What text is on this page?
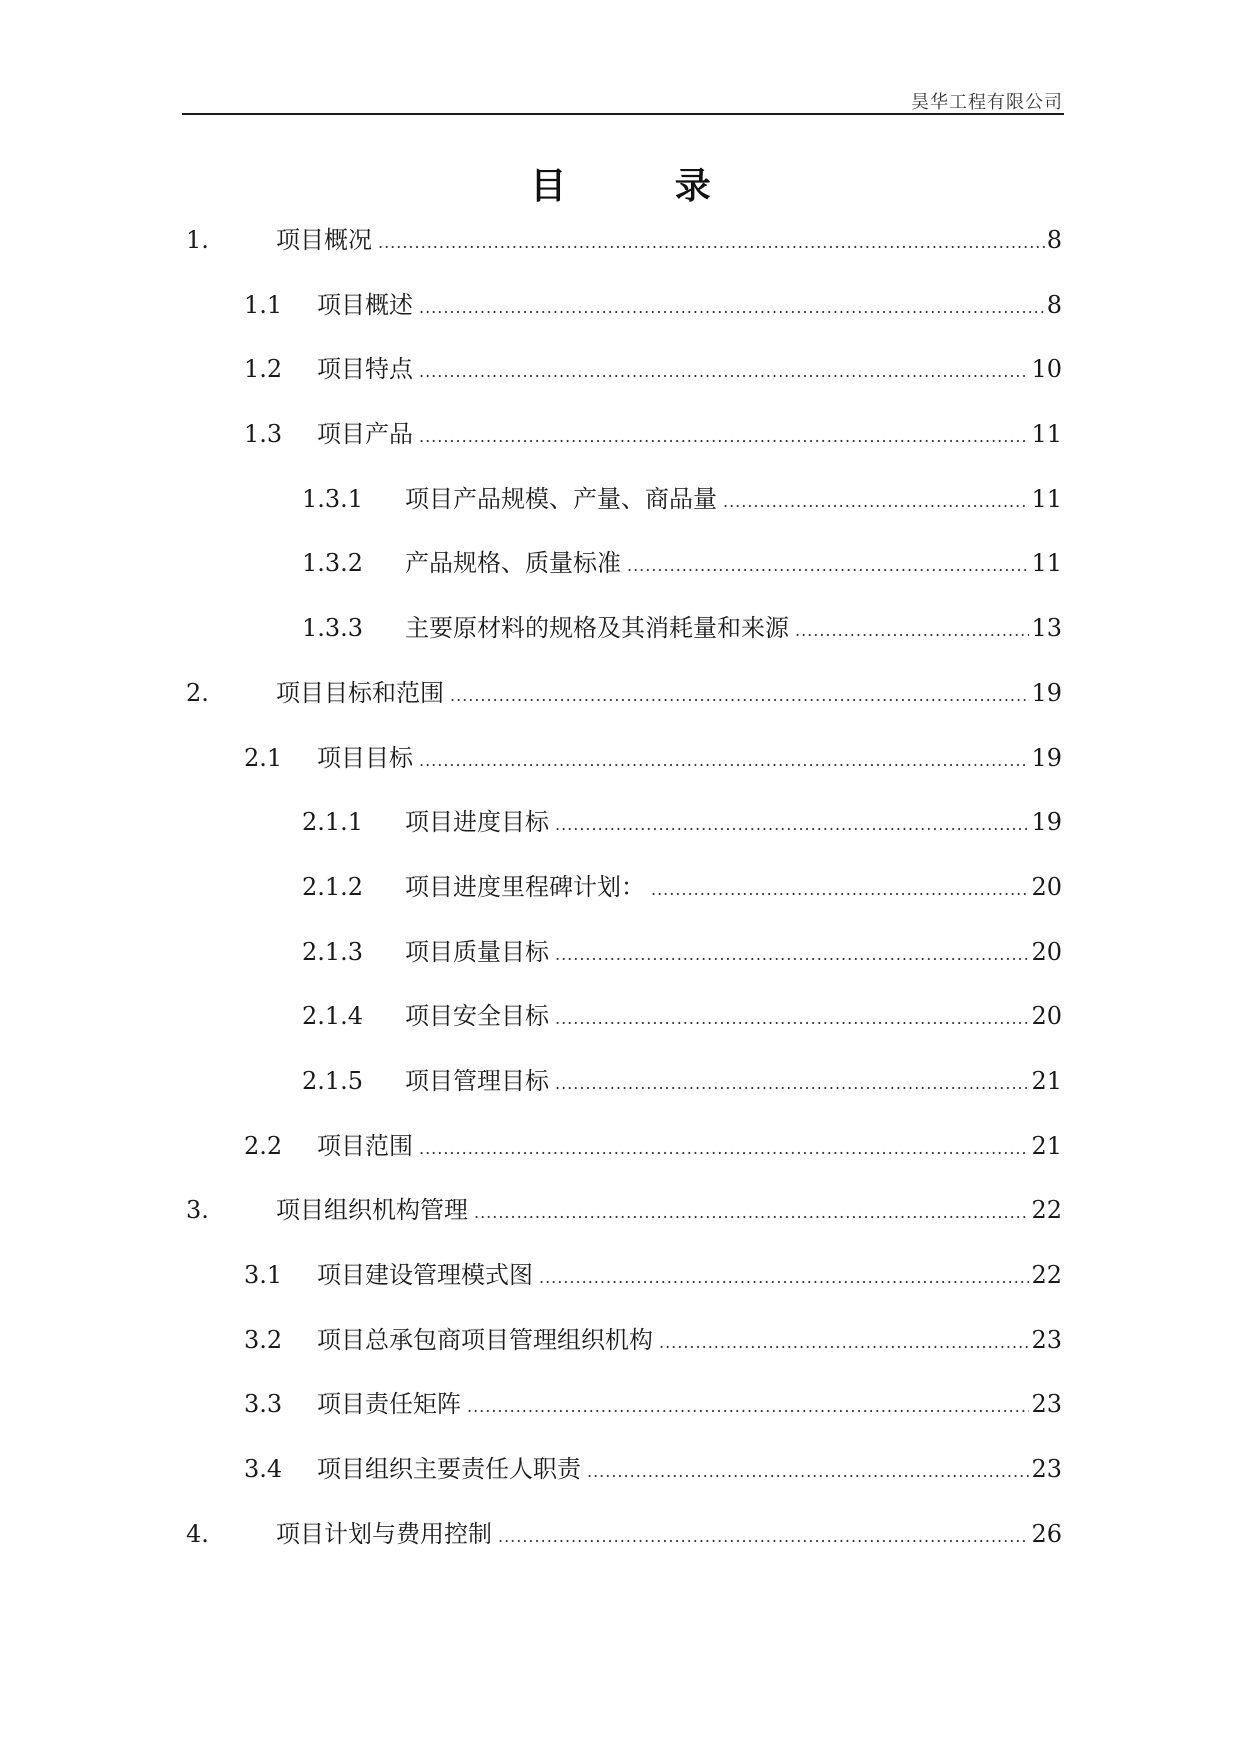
昊华工程有限公司
目 录
1.	项目概况 .....	8
1.1	项目概述 .....	8
1.2	项目特点 .....	10
1.3	项目产品 .....	11
1.3.1	项目产品规模、产量、商品量 .....	11
1.3.2	产品规格、质量标准 .....	11
1.3.3	主要原材料的规格及其消耗量和来源 .....	13
2.	项目目标和范围 .....	19
2.1	项目目标 .....	19
2.1.1	项目进度目标 .....	19
2.1.2	项目进度里程碑计划： .....	20
2.1.3	项目质量目标 .....	20
2.1.4	项目安全目标 .....	20
2.1.5	项目管理目标 .....	21
2.2	项目范围 .....	21
3.	项目组织机构管理 .....	22
3.1	项目建设管理模式图 .....	22
3.2	项目总承包商项目管理组织机构 .....	23
3.3	项目责任矩阵 .....	23
3.4	项目组织主要责任人职责 .....	23
4.	项目计划与费用控制 .....	26
